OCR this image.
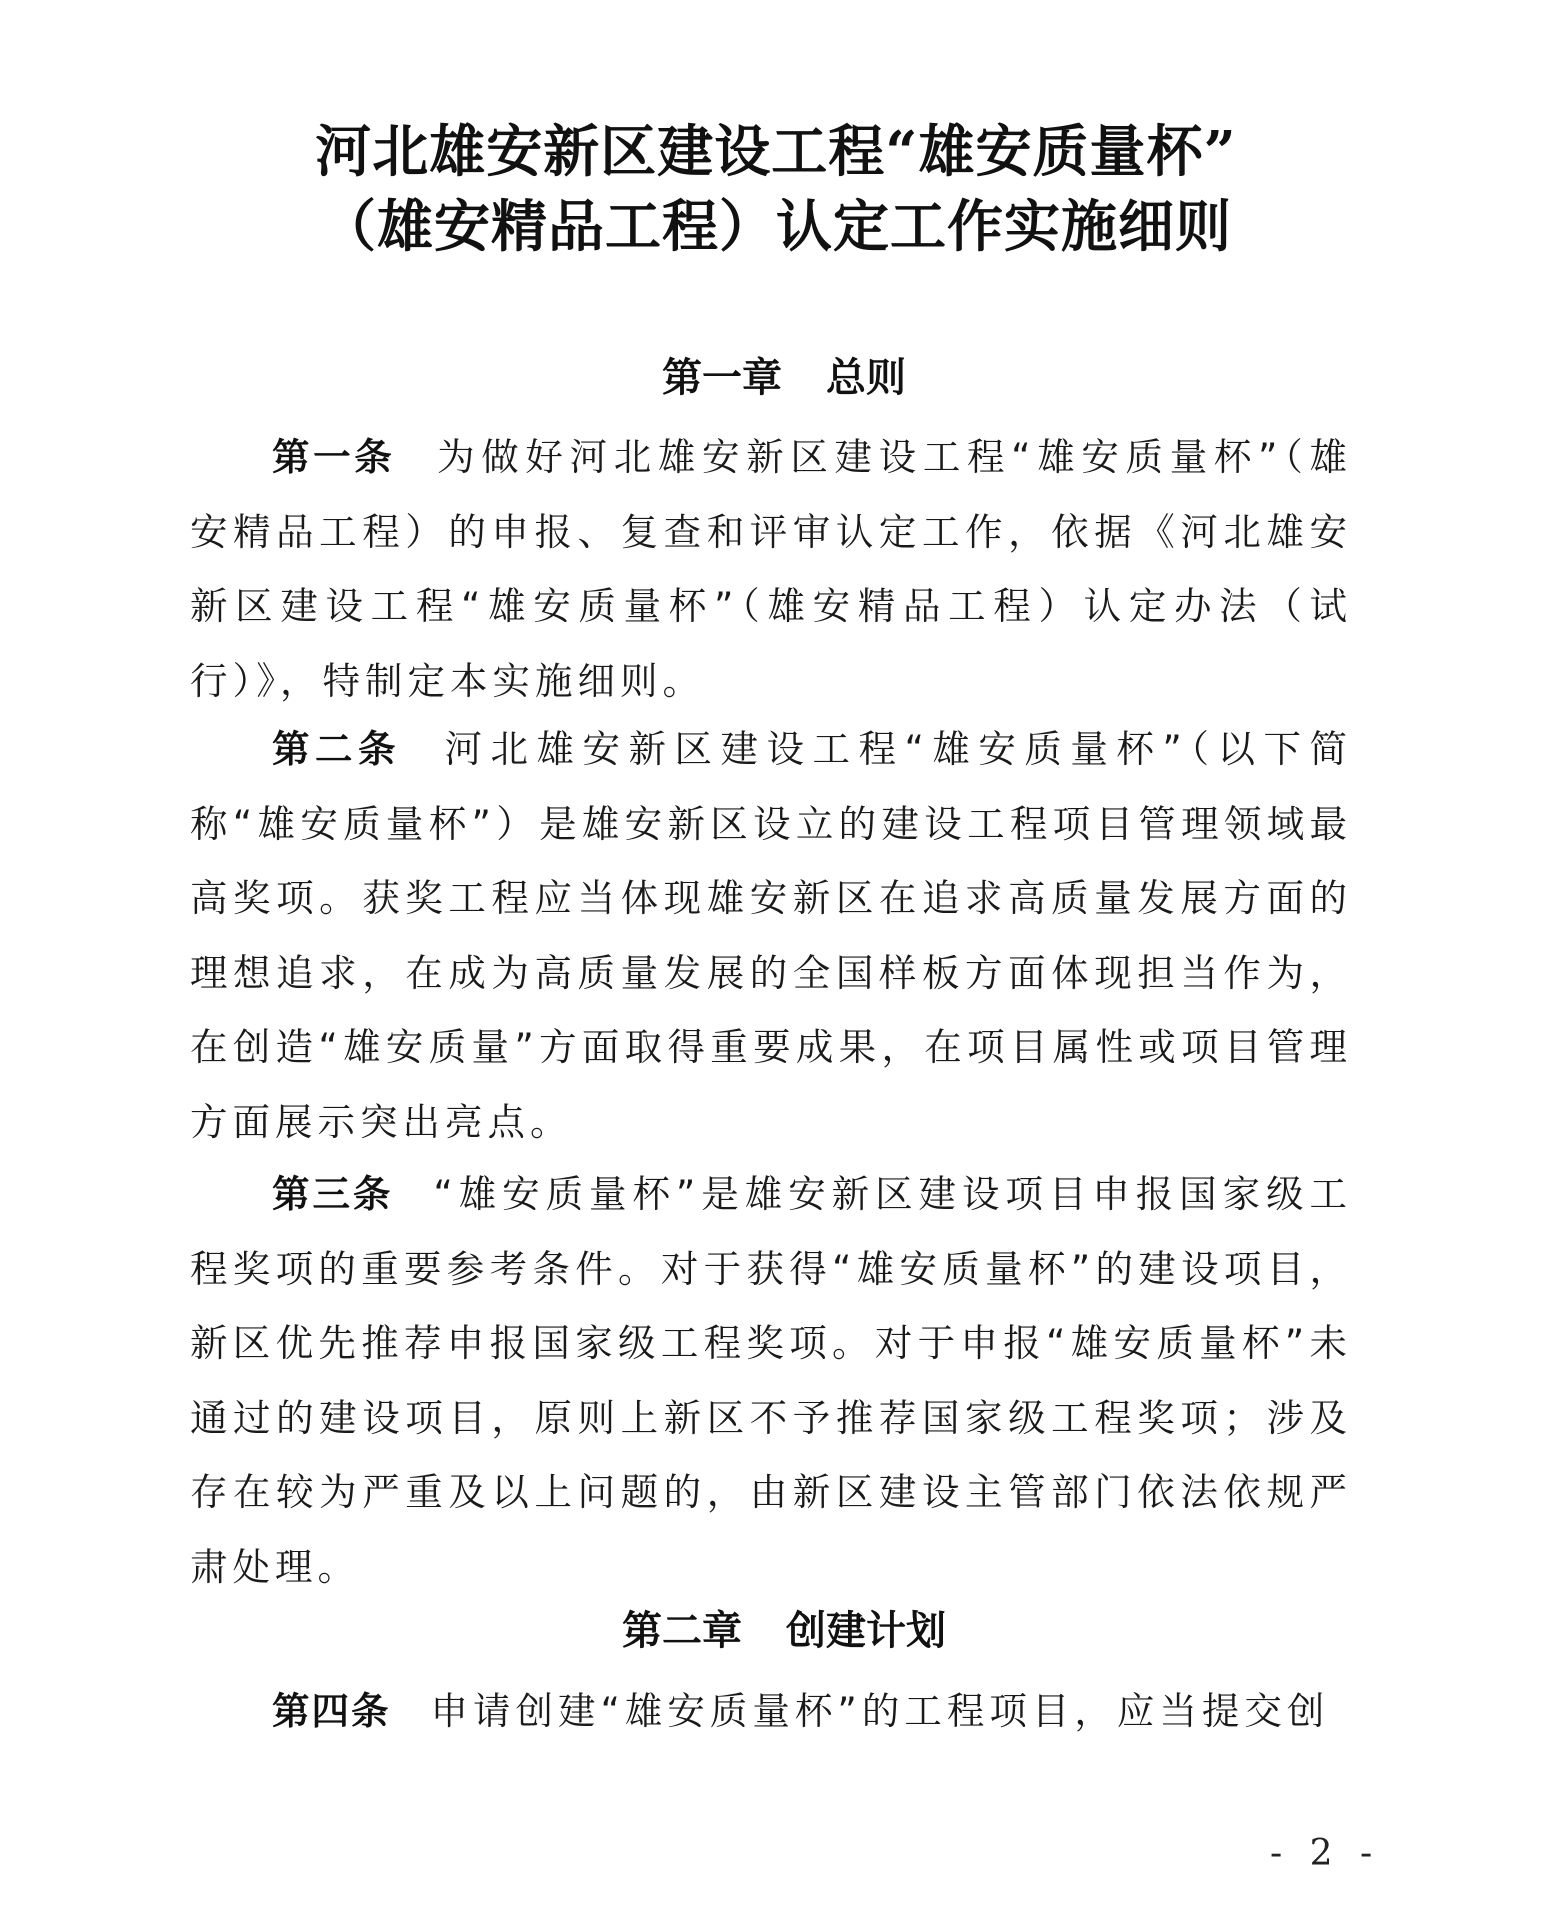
河北雄安新区建设工程“雄安质量杯”
（雄安精品工程）认定工作实施细则
第一章 总则

第一条 为做好河北雄安新区建设工程“雄安质量杯”（雄安精品工程）的申报、复查和评审认定工作，依据《河北雄安新区建设工程“雄安质量杯”（雄安精品工程）认定办法（试行）》，特制定本实施细则。

第二条 河北雄安新区建设工程“雄安质量杯”（以下简称“雄安质量杯”）是雄安新区设立的建设工程项目管理领域最高奖项。获奖工程应当体现雄安新区在追求高质量发展方面的理想追求，在成为高质量发展的全国样板方面体现担当作为，在创造“雄安质量”方面取得重要成果，在项目属性或项目管理方面展示突出亮点。

第三条 “雄安质量杯”是雄安新区建设项目申报国家级工程奖项的重要参考条件。对于获得“雄安质量杯”的建设项目，新区优先推荐申报国家级工程奖项。对于申报“雄安质量杯”未通过的建设项目，原则上新区不予推荐国家级工程奖项；涉及存在较为严重及以上问题的，由新区建设主管部门依法依规严肃处理。

第二章 创建计划

第四条 申请创建“雄安质量杯”的工程项目，应当提交创

- 2 -
